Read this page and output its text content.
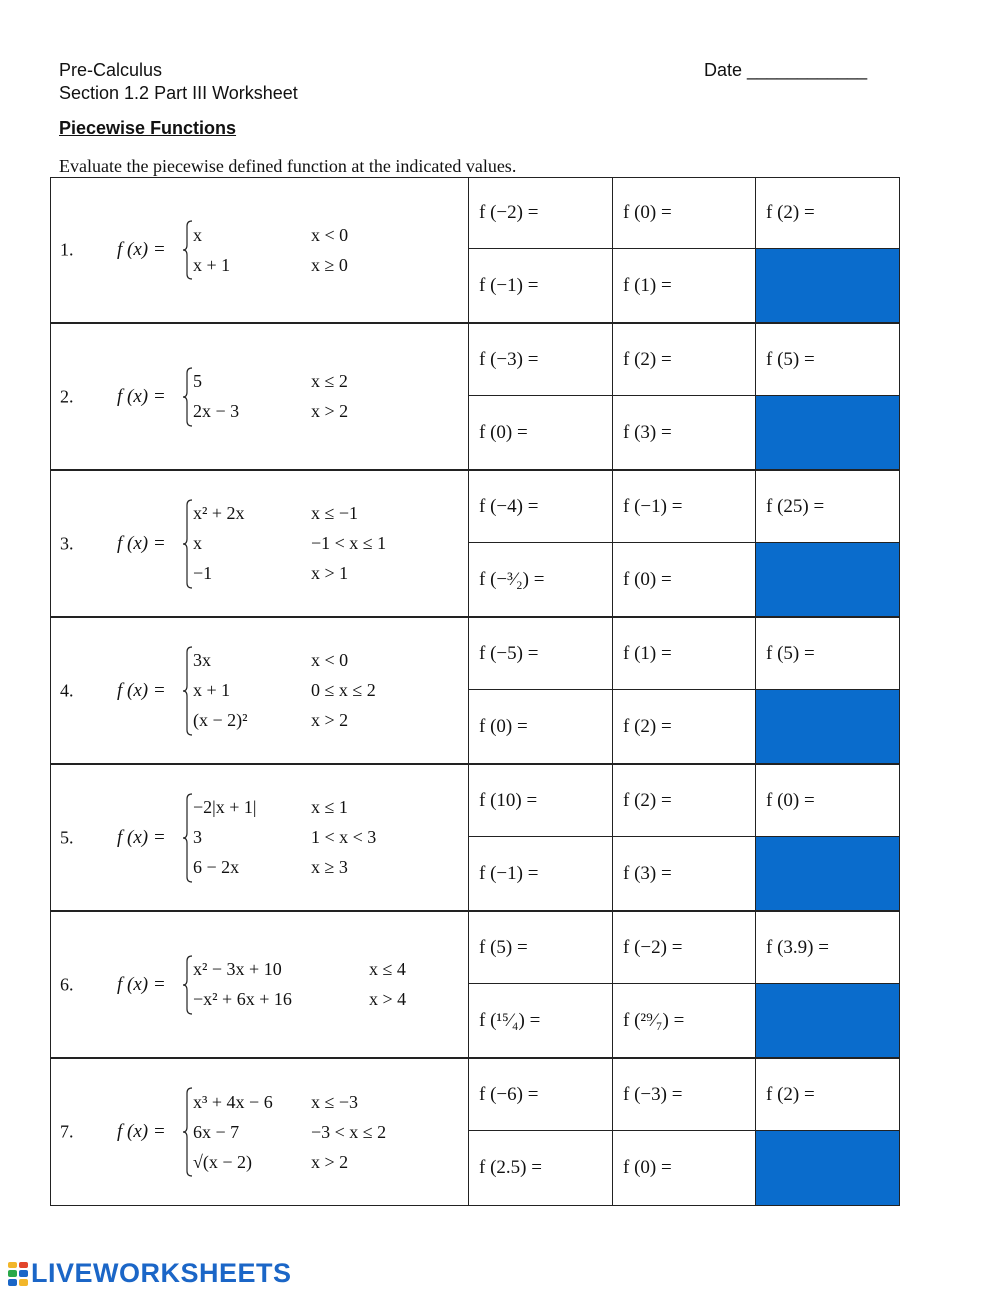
Pre-Calculus
Section 1.2 Part III Worksheet
Date ____________
Piecewise Functions
Evaluate the piecewise defined function at the indicated values.
1. f (x) =
x	x < 0
x + 1	x ≥ 0
f (−2) =	f (0) =	f (2) =
f (−1) =	f (1) =
2. f (x) =
5	x ≤ 2
2x − 3	x > 2
f (−3) =	f (2) =	f (5) =
f (0) =	f (3) =
3. f (x) =
x² + 2x	x ≤ −1
x	−1 < x ≤ 1
−1	x > 1
f (−4) =	f (−1) =	f (25) =
f (−³⁄₂) =	f (0) =
4. f (x) =
3x	x < 0
x + 1	0 ≤ x ≤ 2
(x − 2)²	x > 2
f (−5) =	f (1) =	f (5) =
f (0) =	f (2) =
5. f (x) =
−2|x + 1|	x ≤ 1
3	1 < x < 3
6 − 2x	x ≥ 3
f (10) =	f (2) =	f (0) =
f (−1) =	f (3) =
6. f (x) =
x² − 3x + 10	x ≤ 4
−x² + 6x + 16	x > 4
f (5) =	f (−2) =	f (3.9) =
f (¹⁵⁄₄) =	f (²⁹⁄₇) =
7. f (x) =
x³ + 4x − 6	x ≤ −3
6x − 7	−3 < x ≤ 2
√(x − 2)	x > 2
f (−6) =	f (−3) =	f (2) =
f (2.5) =	f (0) =
LIVEWORKSHEETS
